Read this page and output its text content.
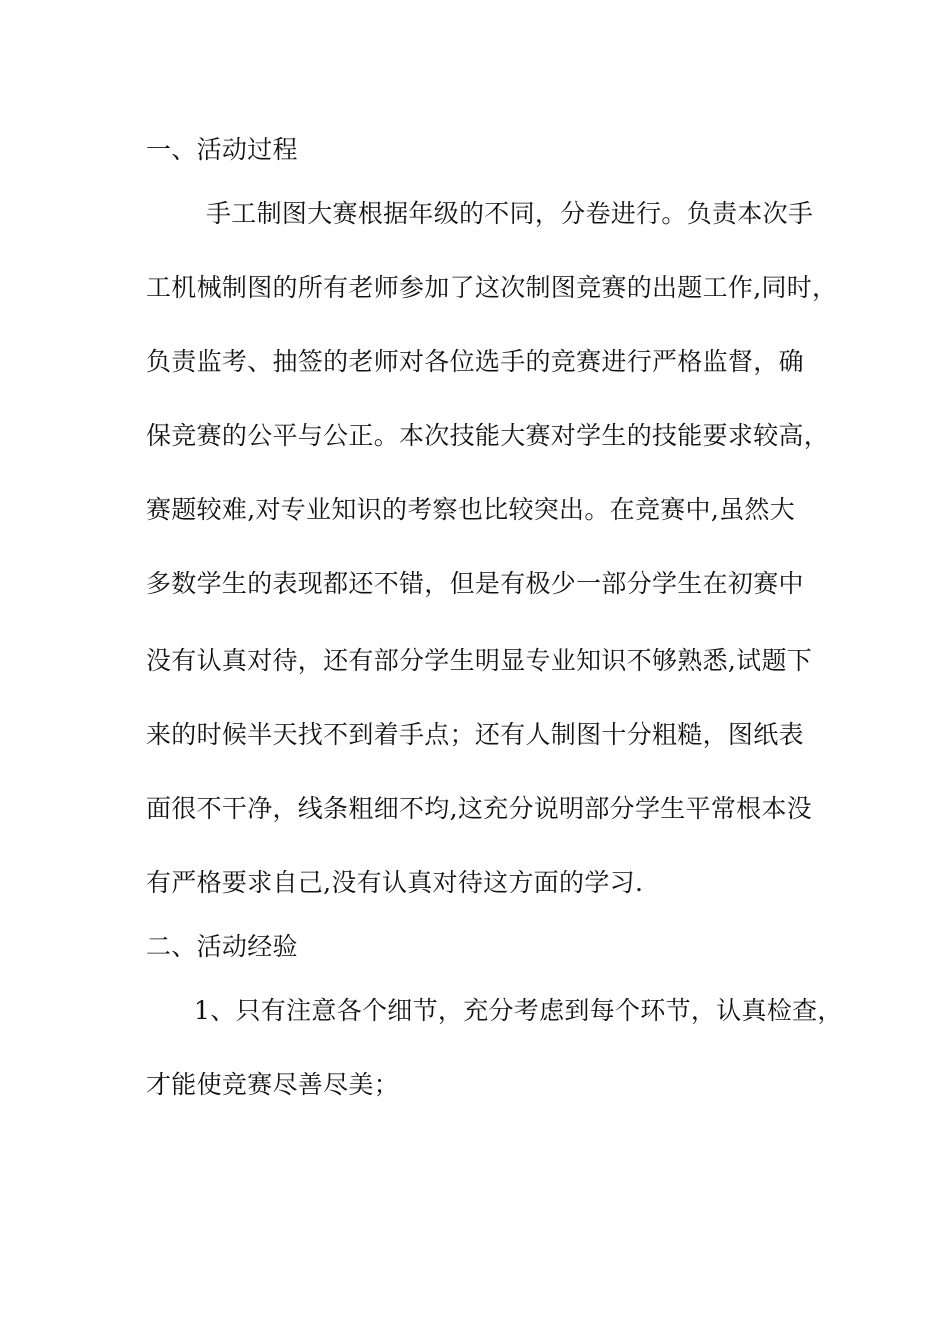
一、活动过程
手工制图大赛根据年级的不同，分卷进行。负责本次手
工机械制图的所有老师参加了这次制图竞赛的出题工作,同时，
负责监考、抽签的老师对各位选手的竞赛进行严格监督，确
保竞赛的公平与公正。本次技能大赛对学生的技能要求较高，
赛题较难,对专业知识的考察也比较突出。在竞赛中,虽然大
多数学生的表现都还不错，但是有极少一部分学生在初赛中
没有认真对待，还有部分学生明显专业知识不够熟悉,试题下
来的时候半天找不到着手点；还有人制图十分粗糙，图纸表
面很不干净，线条粗细不均,这充分说明部分学生平常根本没
有严格要求自己,没有认真对待这方面的学习.
二、活动经验
1、只有注意各个细节，充分考虑到每个环节，认真检查，
才能使竞赛尽善尽美；
